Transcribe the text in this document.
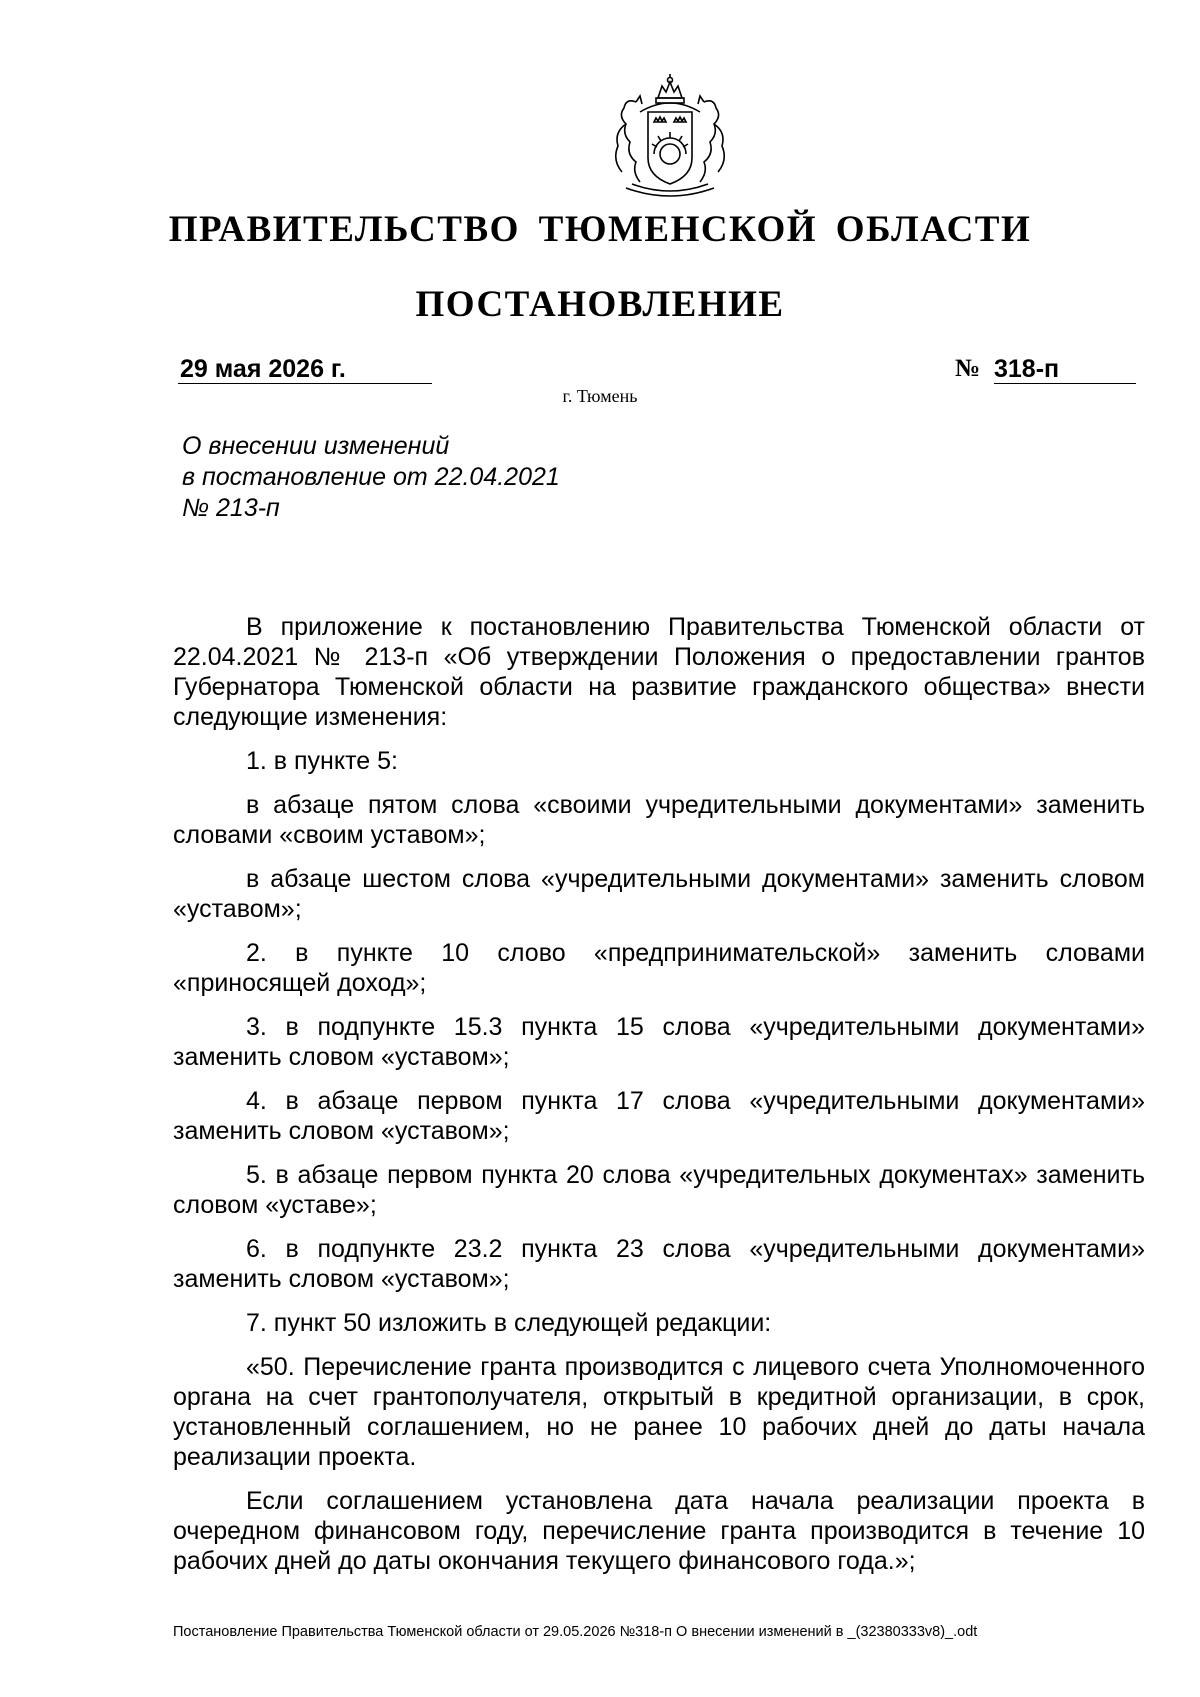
ПРАВИТЕЛЬСТВО ТЮМЕНСКОЙ ОБЛАСТИ
ПОСТАНОВЛЕНИЕ
29 мая 2026 г.	№ 318-п
г. Тюмень
О внесении изменений
в постановление от 22.04.2021
№ 213-п

В приложение к постановлению Правительства Тюменской области от 22.04.2021 № 213-п «Об утверждении Положения о предоставлении грантов Губернатора Тюменской области на развитие гражданского общества» внести следующие изменения:

1. в пункте 5:

в абзаце пятом слова «своими учредительными документами» заменить словами «своим уставом»;

в абзаце шестом слова «учредительными документами» заменить словом «уставом»;

2. в пункте 10 слово «предпринимательской» заменить словами «приносящей доход»;

3. в подпункте 15.3 пункта 15 слова «учредительными документами» заменить словом «уставом»;

4. в абзаце первом пункта 17 слова «учредительными документами» заменить словом «уставом»;

5. в абзаце первом пункта 20 слова «учредительных документах» заменить словом «уставе»;

6. в подпункте 23.2 пункта 23 слова «учредительными документами» заменить словом «уставом»;

7. пункт 50 изложить в следующей редакции:

«50. Перечисление гранта производится с лицевого счета Уполномоченного органа на счет грантополучателя, открытый в кредитной организации, в срок, установленный соглашением, но не ранее 10 рабочих дней до даты начала реализации проекта.

Если соглашением установлена дата начала реализации проекта в очередном финансовом году, перечисление гранта производится в течение 10 рабочих дней до даты окончания текущего финансового года.»;

Постановление Правительства Тюменской области от 29.05.2026 №318-п О внесении изменений в _(32380333v8)_.odt
